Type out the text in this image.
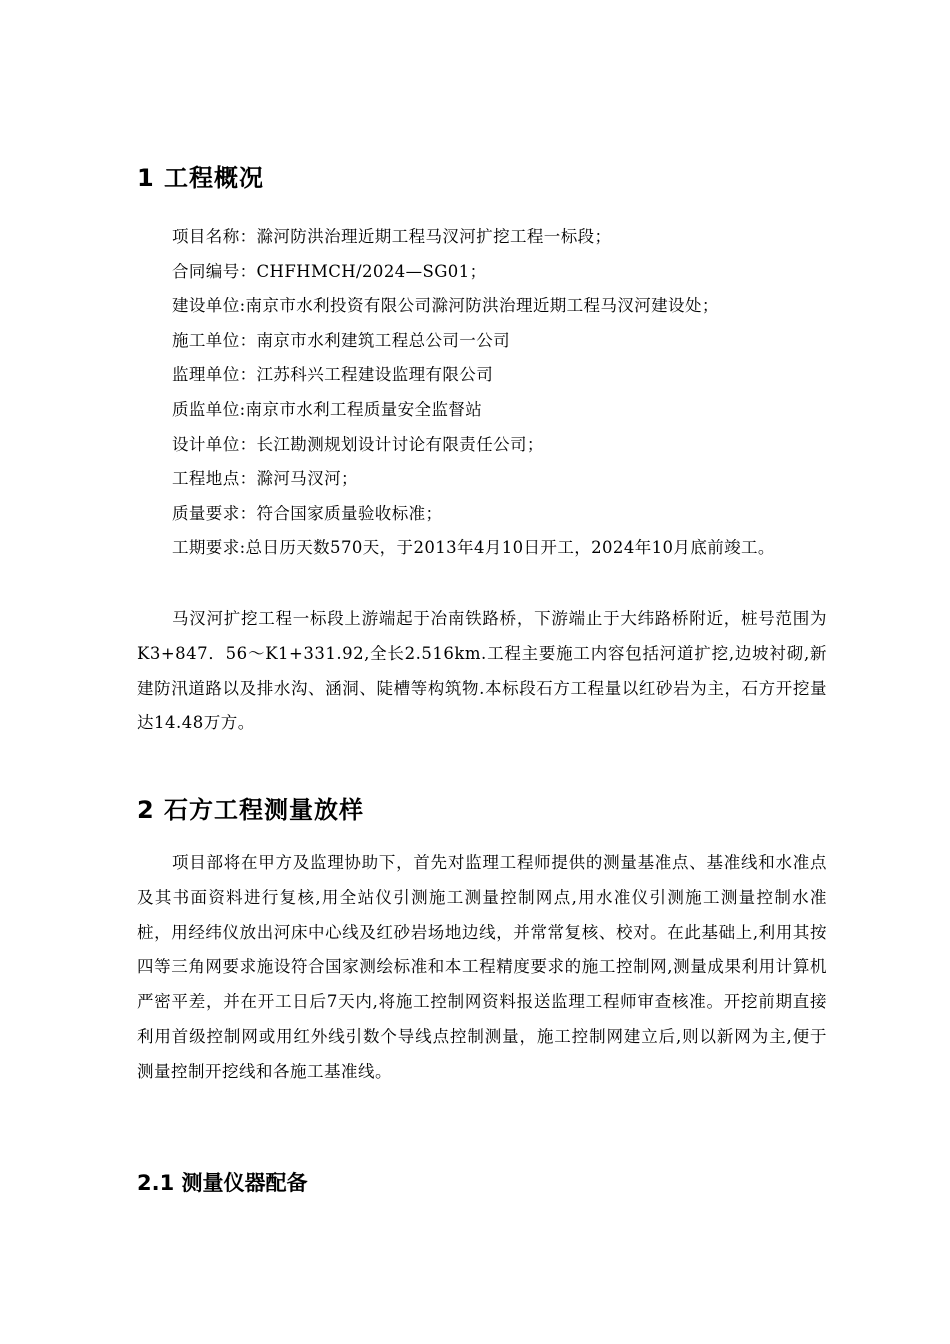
1 工程概况
项目名称：滁河防洪治理近期工程马汊河扩挖工程一标段；
合同编号：CHFHMCH/2024—SG01；
建设单位:南京市水利投资有限公司滁河防洪治理近期工程马汊河建设处；
施工单位：南京市水利建筑工程总公司一公司
监理单位：江苏科兴工程建设监理有限公司
质监单位:南京市水利工程质量安全监督站
设计单位：长江勘测规划设计讨论有限责任公司；
工程地点：滁河马汊河；
质量要求：符合国家质量验收标准；
工期要求:总日历天数570天，于2013年4月10日开工，2024年10月底前竣工。

马汊河扩挖工程一标段上游端起于冶南铁路桥，下游端止于大纬路桥附近，桩号范围为K3+847．56～K1+331.92,全长2.516km.工程主要施工内容包括河道扩挖,边坡衬砌,新建防汛道路以及排水沟、涵洞、陡槽等构筑物.本标段石方工程量以红砂岩为主，石方开挖量达14.48万方。

2 石方工程测量放样

项目部将在甲方及监理协助下，首先对监理工程师提供的测量基准点、基准线和水准点及其书面资料进行复核,用全站仪引测施工测量控制网点,用水准仪引测施工测量控制水准桩，用经纬仪放出河床中心线及红砂岩场地边线，并常常复核、校对。在此基础上,利用其按四等三角网要求施设符合国家测绘标准和本工程精度要求的施工控制网,测量成果利用计算机严密平差，并在开工日后7天内,将施工控制网资料报送监理工程师审查核准。开挖前期直接利用首级控制网或用红外线引数个导线点控制测量，施工控制网建立后,则以新网为主,便于测量控制开挖线和各施工基准线。

2.1 测量仪器配备
